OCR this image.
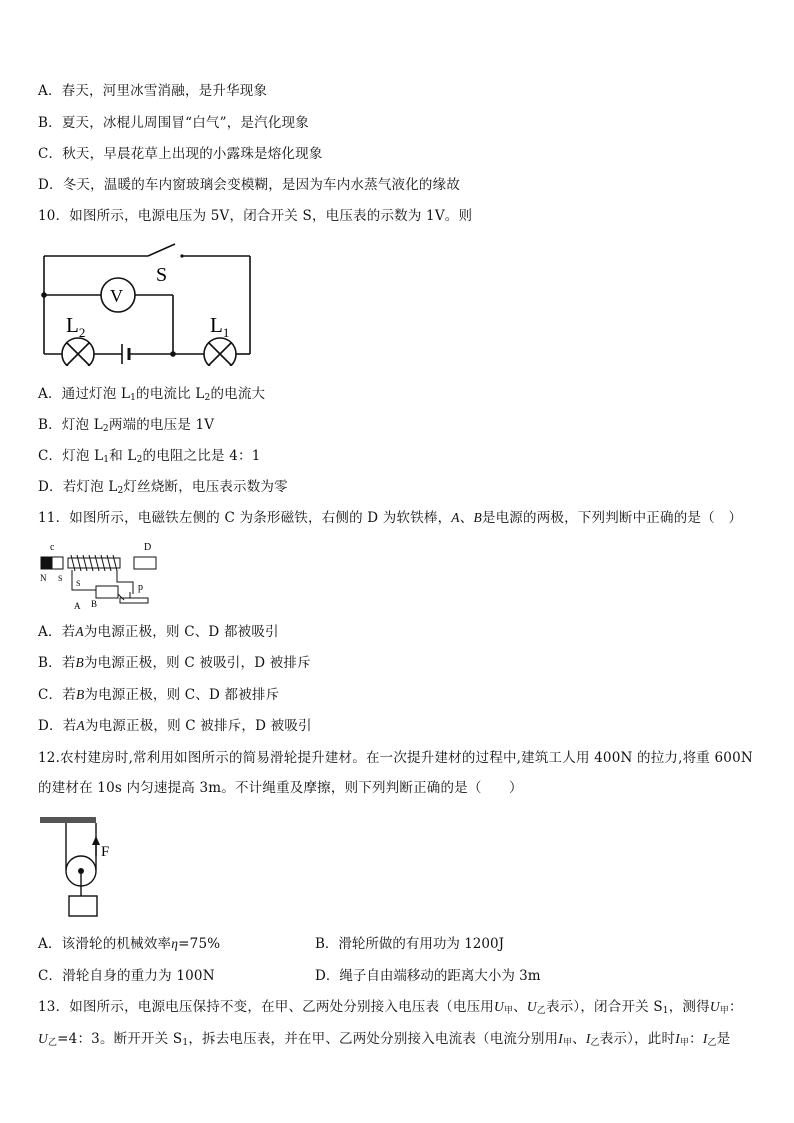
A．春天，河里冰雪消融，是升华现象
B．夏天，冰棍儿周围冒“白气”，是汽化现象
C．秋天，早晨花草上出现的小露珠是熔化现象
D．冬天，温暖的车内窗玻璃会变模糊，是因为车内水蒸气液化的缘故
10．如图所示，电源电压为 5V，闭合开关 S，电压表的示数为 1V。则
S
V
$L_2$	$L_1$
A．通过灯泡 $L_1$的电流比 $L_2$的电流大
B．灯泡 $L_2$两端的电压是 1V
C．灯泡 $L_1$和 $L_2$的电阻之比是 4：1
D．若灯泡 $L_2$灯丝烧断，电压表示数为零
11．如图所示，电磁铁左侧的 C 为条形磁铁，右侧的 D 为软铁棒，A、B是电源的两极，下列判断中正确的是（　）
c	D
N S
S	p
A B
A．若A为电源正极，则 C、D 都被吸引
B．若B为电源正极，则 C 被吸引，D 被排斥
C．若B为电源正极，则 C、D 都被排斥
D．若A为电源正极，则 C 被排斥，D 被吸引
12.农村建房时,常利用如图所示的简易滑轮提升建材。在一次提升建材的过程中,建筑工人用 400N 的拉力,将重 600N
的建材在 10s 内匀速提高 3m。不计绳重及摩擦，则下列判断正确的是（　　）
F
A．该滑轮的机械效率η=75%	B．滑轮所做的有用功为 1200J
C．滑轮自身的重力为 100N	D．绳子自由端移动的距离大小为 3m
13．如图所示，电源电压保持不变，在甲、乙两处分别接入电压表（电压用$U_甲$、$U_乙$表示），闭合开关 $S_1$，测得$U_甲$：
$U_乙=4$：3。断开开关 $S_1$，拆去电压表，并在甲、乙两处分别接入电流表（电流分别用$I_甲$、$I_乙$表示），此时$I_甲$：$I_乙$是
